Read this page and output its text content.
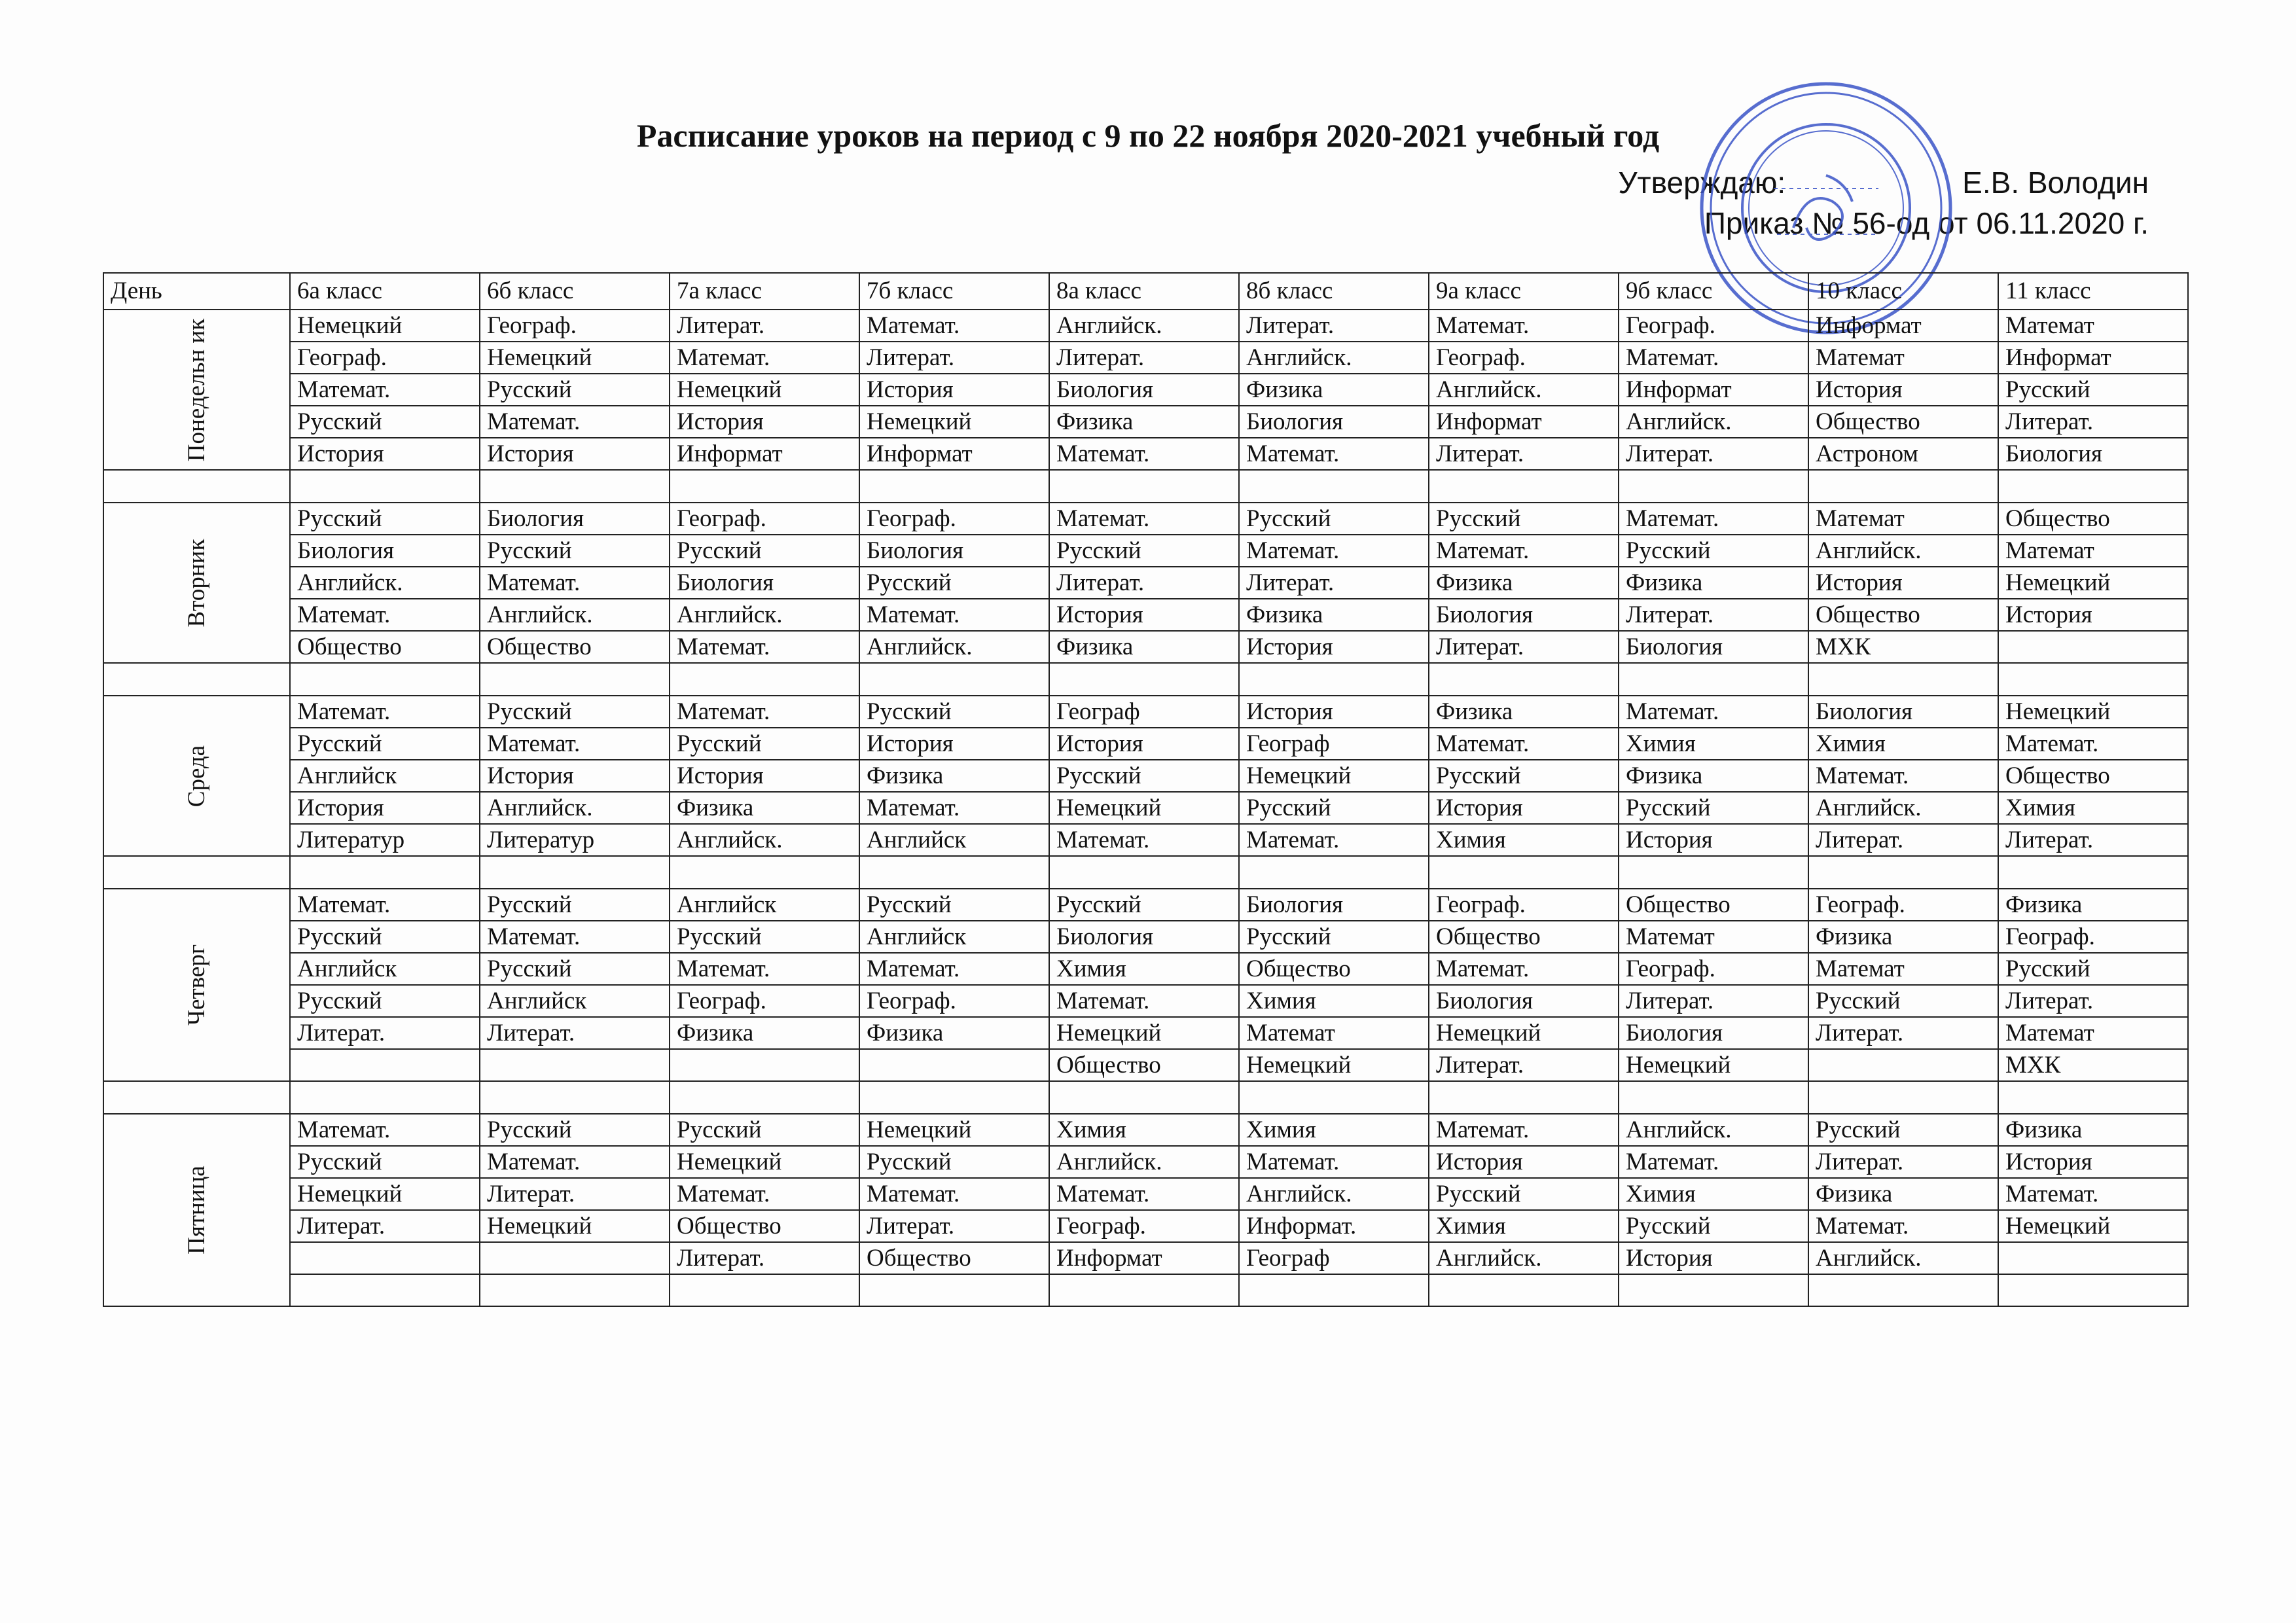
Расписание уроков на период с 9 по 22 ноября 2020-2021 учебный год
Утверждаю:	Е.В. Володин
Приказ № 56-од от 06.11.2020 г.
День	6а класс	6б класс	7а класс	7б класс	8а класс	8б класс	9а класс	9б класс	10 класс	11 класс

Понедельн ик	Немецкий	Географ.	Литерат.	Математ.	Английск.	Литерат.	Математ.	Географ.	Информат	Математ
	Географ.	Немецкий	Математ.	Литерат.	Литерат.	Английск.	Географ.	Математ.	Математ	Информат
	Математ.	Русский	Немецкий	История	Биология	Физика	Английск.	Информат	История	Русский
	Русский	Математ.	История	Немецкий	Физика	Биология	Информат	Английск.	Общество	Литерат.
	История	История	Информат	Информат	Математ.	Математ.	Литерат.	Литерат.	Астроном	Биология

Вторник	Русский	Биология	Географ.	Географ.	Математ.	Русский	Русский	Математ.	Математ	Общество
	Биология	Русский	Русский	Биология	Русский	Математ.	Математ.	Русский	Английск.	Математ
	Английск.	Математ.	Биология	Русский	Литерат.	Литерат.	Физика	Физика	История	Немецкий
	Математ.	Английск.	Английск.	Математ.	История	Физика	Биология	Литерат.	Общество	История
	Общество	Общество	Математ.	Английск.	Физика	История	Литерат.	Биология	МХК	

Среда	Математ.	Русский	Математ.	Русский	Географ	История	Физика	Математ.	Биология	Немецкий
	Русский	Математ.	Русский	История	История	Географ	Математ.	Химия	Химия	Математ.
	Английск	История	История	Физика	Русский	Немецкий	Русский	Физика	Математ.	Общество
	История	Английск.	Физика	Математ.	Немецкий	Русский	История	Русский	Английск.	Химия
	Литератур	Литератур	Английск.	Английск	Математ.	Математ.	Химия	История	Литерат.	Литерат.

Четверг	Математ.	Русский	Английск	Русский	Русский	Биология	Географ.	Общество	Географ.	Физика
	Русский	Математ.	Русский	Английск	Биология	Русский	Общество	Математ	Физика	Географ.
	Английск	Русский	Математ.	Математ.	Химия	Общество	Математ.	Географ.	Математ	Русский
	Русский	Английск	Географ.	Географ.	Математ.	Химия	Биология	Литерат.	Русский	Литерат.
	Литерат.	Литерат.	Физика	Физика	Немецкий	Математ	Немецкий	Биология	Литерат.	Математ
					Общество	Немецкий	Литерат.	Немецкий		МХК

Пятница	Математ.	Русский	Русский	Немецкий	Химия	Химия	Математ.	Английск.	Русский	Физика
	Русский	Математ.	Немецкий	Русский	Английск.	Математ.	История	Математ.	Литерат.	История
	Немецкий	Литерат.	Математ.	Математ.	Математ.	Английск.	Русский	Химия	Физика	Математ.
	Литерат.	Немецкий	Общество	Литерат.	Географ.	Информат.	Химия	Русский	Математ.	Немецкий
			Литерат.	Общество	Информат	Географ	Английск.	История	Английск.	
